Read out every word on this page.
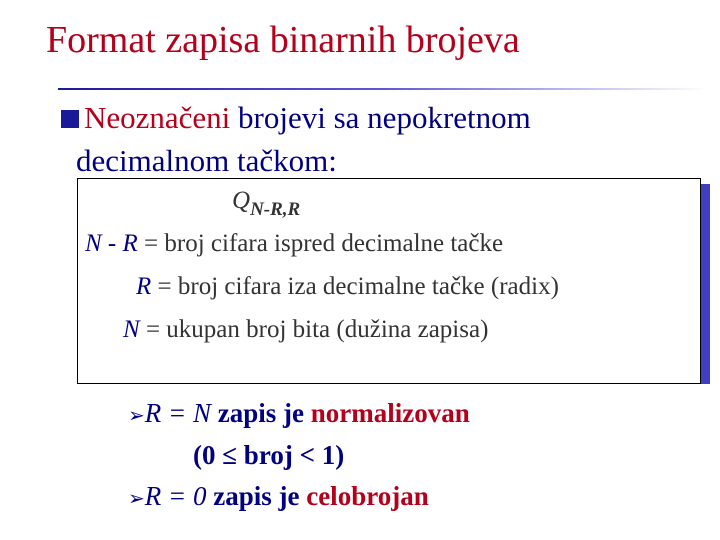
Format zapisa binarnih brojeva
Neoznačeni brojevi sa nepokretnom
decimalnom tačkom:
$Q_{N-R,R}$
N - R = broj cifara ispred decimalne tačke
R = broj cifara iza decimalne tačke (radix)
N = ukupan broj bita (dužina zapisa)
➢R = N zapis je normalizovan
(0 ≤ broj < 1)
➢R = 0 zapis je celobrojan
